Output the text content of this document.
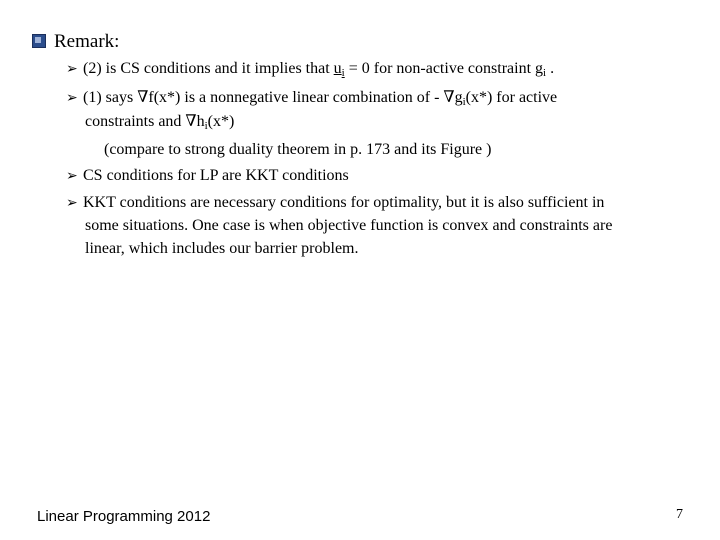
Remark:
➢ (2) is CS conditions and it implies that $u_i = 0$ for non-active constraint $g_i$ .
➢ (1) says ∇f(x*) is a nonnegative linear combination of - $\nabla g_i(x*)$ for active
constraints and $\nabla h_i(x*)$
(compare to strong duality theorem in p. 173 and its Figure )
➢ CS conditions for LP are KKT conditions
➢ KKT conditions are necessary conditions for optimality, but it is also sufficient in
some situations. One case is when objective function is convex and constraints are
linear, which includes our barrier problem.
Linear Programming 2012	7
